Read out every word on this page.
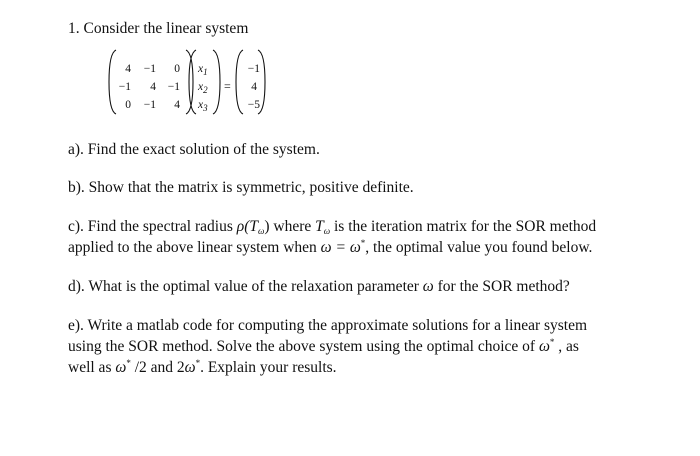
1. Consider the linear system
4	−1	0
−1	4	−1
0	−1	4
$x_1$
$x_2$
$x_3$
=
−1
4
−5
a). Find the exact solution of the system.
b). Show that the matrix is symmetric, positive definite.
c). Find the spectral radius $\rho(T_\omega)$ where $T_\omega$ is the iteration matrix for the SOR method
applied to the above linear system when ω = ω*, the optimal value you found below.
d). What is the optimal value of the relaxation parameter ω for the SOR method?
e). Write a matlab code for computing the approximate solutions for a linear system
using the SOR method. Solve the above system using the optimal choice of ω* , as
well as ω* /2 and 2ω*. Explain your results.
